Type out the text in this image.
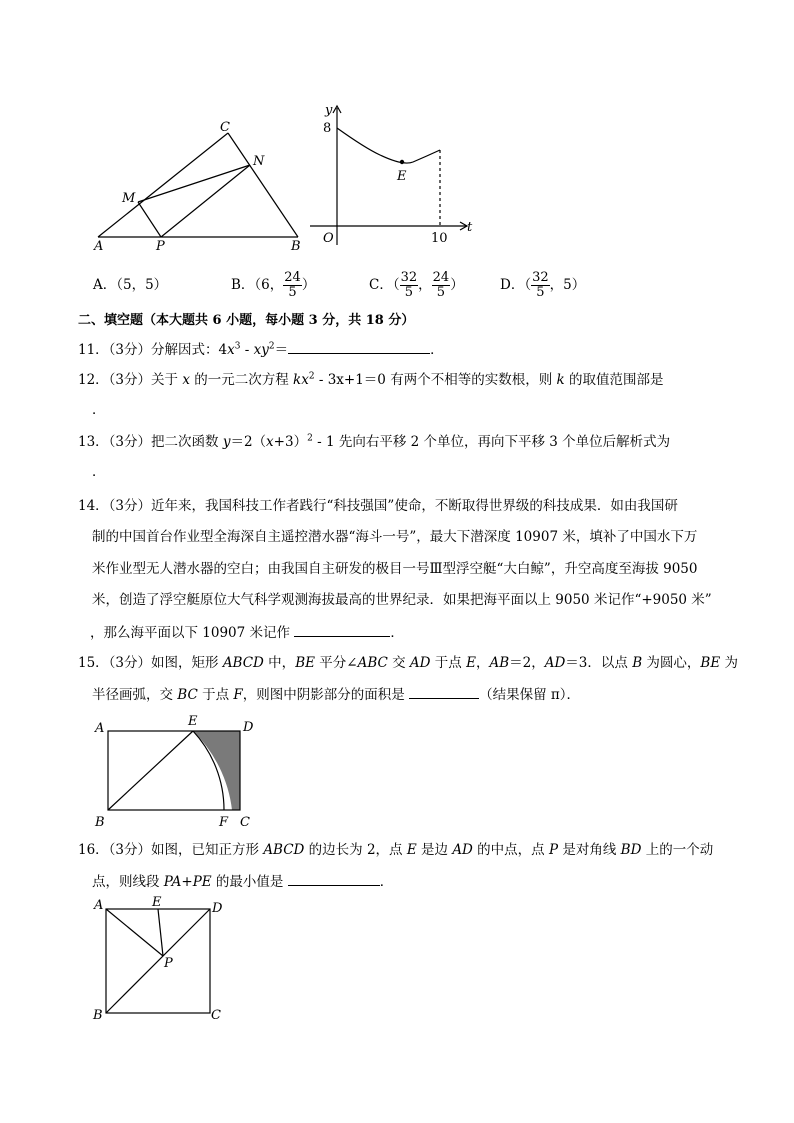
C
N
M
A	P	B
y
8
E
O	10
t
A．（5，5）	B．（6， $\frac{24}{5}$ ）	C．（ $\frac{32}{5}$ ， $\frac{24}{5}$ ）	D．（ $\frac{32}{5}$ ，5）
二、填空题（本大题共 6 小题，每小题 3 分，共 18 分）
11．（3分）分解因式：$4x^3 - xy^2=$	．
12．（3分）关于 x 的一元二次方程 $kx^2 - 3x+1=0$ 有两个不相等的实数根，则 k 的取值范围部是
．
13．（3分）把二次函数 $y=2(x+3)^2 - 1$ 先向右平移 2 个单位，再向下平移 3 个单位后解析式为
．
14．（3分）近年来，我国科技工作者践行“科技强国”使命，不断取得世界级的科技成果．如由我国研
制的中国首台作业型全海深自主遥控潜水器“海斗一号”，最大下潜深度 10907 米，填补了中国水下万
米作业型无人潜水器的空白；由我国自主研发的极目一号Ⅲ型浮空艇“大白鲸”，升空高度至海拔 9050
米，创造了浮空艇原位大气科学观测海拔最高的世界纪录．如果把海平面以上 9050 米记作“+9050 米”
，那么海平面以下 10907 米记作	．
15．（3分）如图，矩形 ABCD 中，BE 平分∠ABC 交 AD 于点 E，AB＝2，AD＝3．以点 B 为圆心，BE 为
半径画弧，交 BC 于点 F，则图中阴影部分的面积是	（结果保留 π）．
A	E	D
B	F C
16．（3分）如图，已知正方形 ABCD 的边长为 2，点 E 是边 AD 的中点，点 P 是对角线 BD 上的一个动
点，则线段 PA+PE 的最小值是	．
A	E	D
P
B	C
